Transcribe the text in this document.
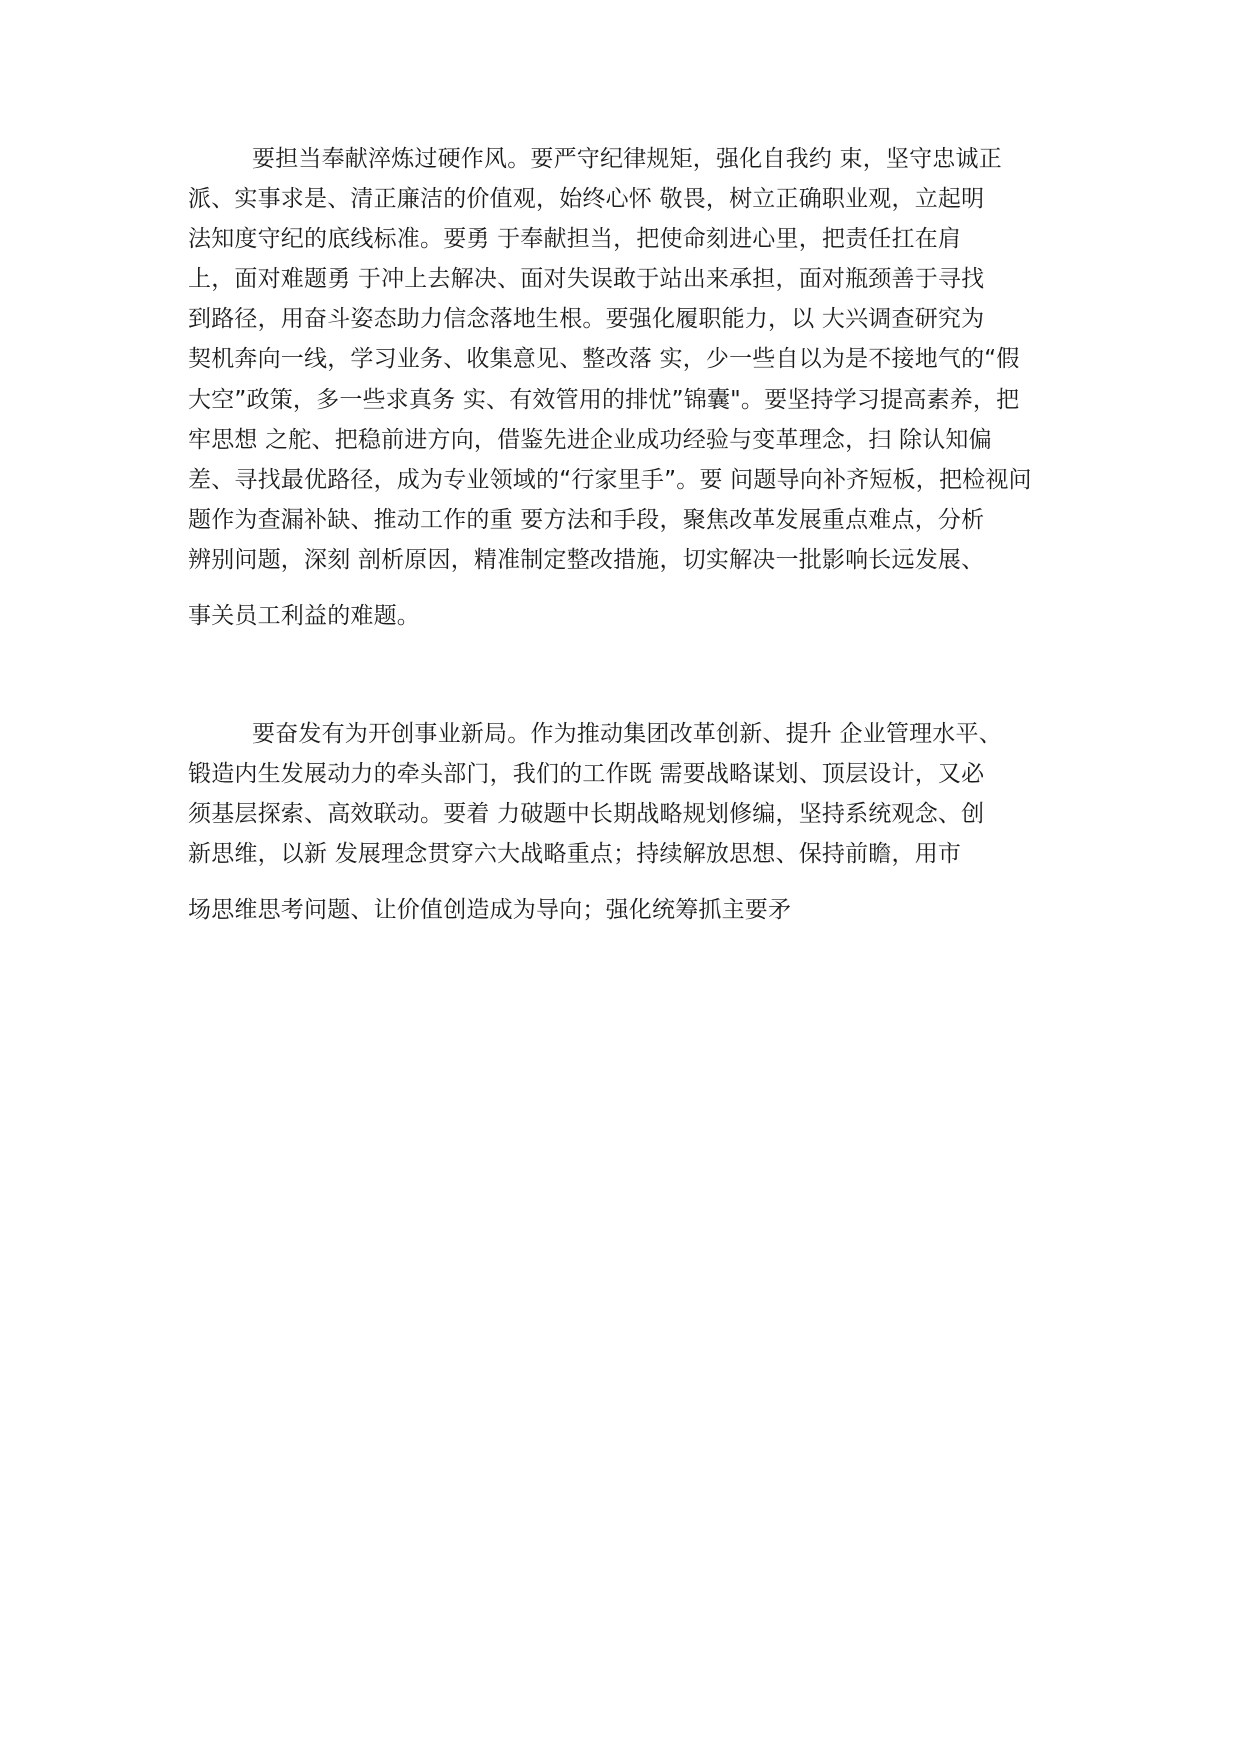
要担当奉献淬炼过硬作风。要严守纪律规矩，强化自我约 束，坚守忠诚正
派、实事求是、清正廉洁的价值观，始终心怀 敬畏，树立正确职业观，立起明
法知度守纪的底线标准。要勇 于奉献担当，把使命刻进心里，把责任扛在肩
上，面对难题勇 于冲上去解决、面对失误敢于站出来承担，面对瓶颈善于寻找
到路径，用奋斗姿态助力信念落地生根。要强化履职能力，以 大兴调查研究为
契机奔向一线，学习业务、收集意见、整改落 实，少一些自以为是不接地气的“假
大空”政策，多一些求真务 实、有效管用的排忧”锦囊"。要坚持学习提高素养，把
牢思想 之舵、把稳前进方向，借鉴先进企业成功经验与变革理念，扫 除认知偏
差、寻找最优路径，成为专业领域的“行家里手”。要 问题导向补齐短板，把检视问
题作为查漏补缺、推动工作的重 要方法和手段，聚焦改革发展重点难点，分析
辨别问题，深刻 剖析原因，精准制定整改措施，切实解决一批影响长远发展、
事关员工利益的难题。
要奋发有为开创事业新局。作为推动集团改革创新、提升 企业管理水平、
锻造内生发展动力的牵头部门，我们的工作既 需要战略谋划、顶层设计，又必
须基层探索、高效联动。要着 力破题中长期战略规划修编，坚持系统观念、创
新思维，以新 发展理念贯穿六大战略重点；持续解放思想、保持前瞻，用市
场思维思考问题、让价值创造成为导向；强化统筹抓主要矛
